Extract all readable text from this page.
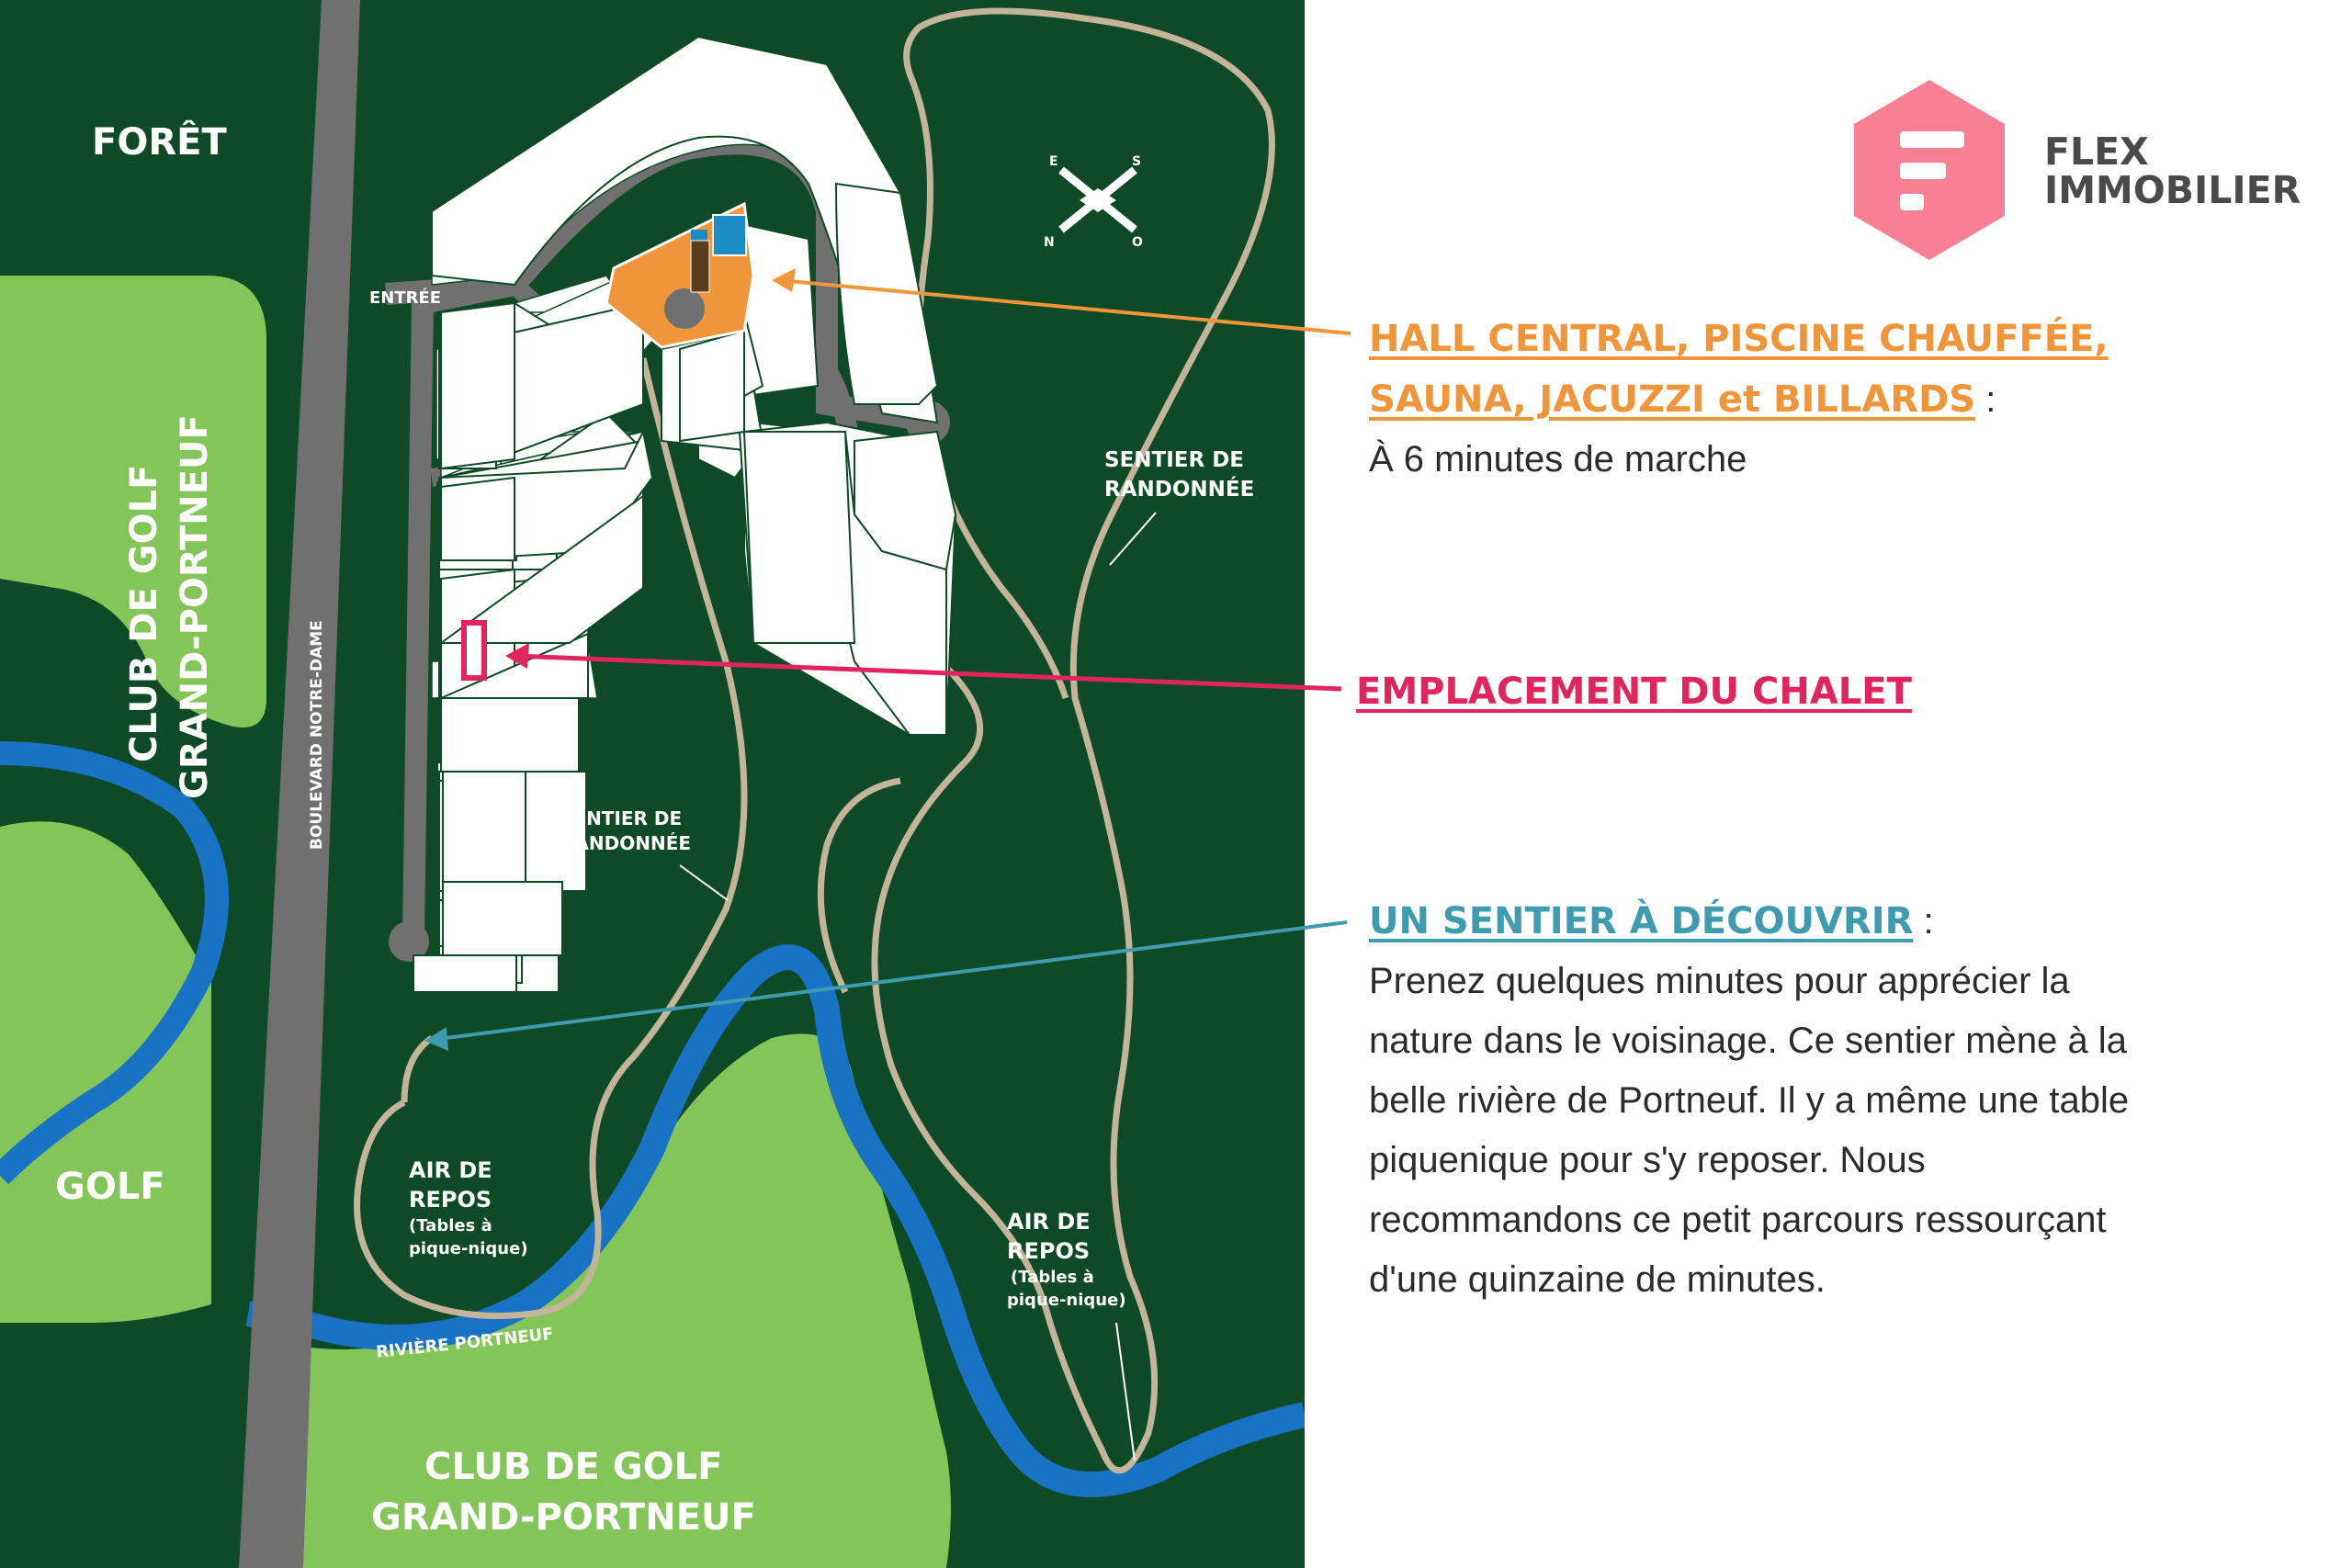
E	S
N	O
FORÊT
ENTRÉE
GOLF
CLUB DE GOLF GRAND-PORTNEUF	BOULEVARD NOTRE-DAME
CLUB DE GOLF
GRAND-PORTNEUF
RIVIÈRE PORTNEUF
SENTIER DE
RANDONNÉE
SENTIER DE
RANDONNÉE
AIR DE
REPOS
(Tables à
pique-nique)
AIR DE
REPOS
(Tables à
pique-nique)
FLEX
IMMOBILIER
HALL CENTRAL, PISCINE CHAUFFÉE,
SAUNA, JACUZZI et BILLARDS :
À 6 minutes de marche
EMPLACEMENT DU CHALET
UN SENTIER À DÉCOUVRIR :
Prenez quelques minutes pour apprécier la
nature dans le voisinage. Ce sentier mène à la
belle rivière de Portneuf. Il y a même une table
piquenique pour s'y reposer. Nous
recommandons ce petit parcours ressourçant
d'une quinzaine de minutes.
